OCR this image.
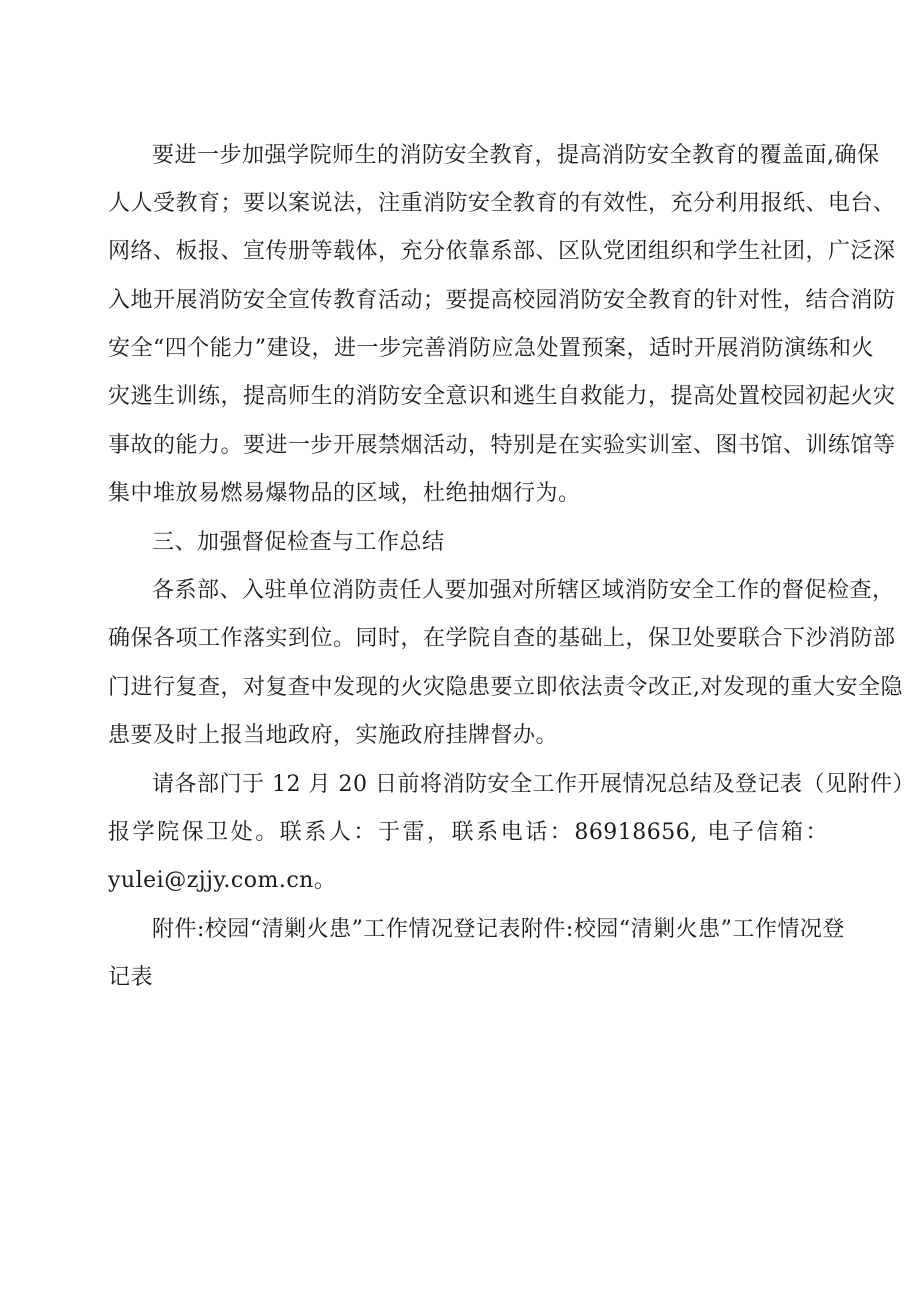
要进一步加强学院师生的消防安全教育，提高消防安全教育的覆盖面,确保
人人受教育；要以案说法，注重消防安全教育的有效性，充分利用报纸、电台、
网络、板报、宣传册等载体，充分依靠系部、区队党团组织和学生社团，广泛深
入地开展消防安全宣传教育活动；要提高校园消防安全教育的针对性，结合消防
安全“四个能力”建设，进一步完善消防应急处置预案，适时开展消防演练和火
灾逃生训练，提高师生的消防安全意识和逃生自救能力，提高处置校园初起火灾
事故的能力。要进一步开展禁烟活动，特别是在实验实训室、图书馆、训练馆等
集中堆放易燃易爆物品的区域，杜绝抽烟行为。
三、加强督促检查与工作总结
各系部、入驻单位消防责任人要加强对所辖区域消防安全工作的督促检查，
确保各项工作落实到位。同时，在学院自查的基础上，保卫处要联合下沙消防部
门进行复查，对复查中发现的火灾隐患要立即依法责令改正,对发现的重大安全隐
患要及时上报当地政府，实施政府挂牌督办。
请各部门于 12 月 20 日前将消防安全工作开展情况总结及登记表（见附件）
报学院保卫处。联系人：于雷，联系电话：86918656, 电子信箱：
yulei@zjjy.com.cn。
附件:校园“清剿火患”工作情况登记表附件:校园“清剿火患”工作情况登
记表
